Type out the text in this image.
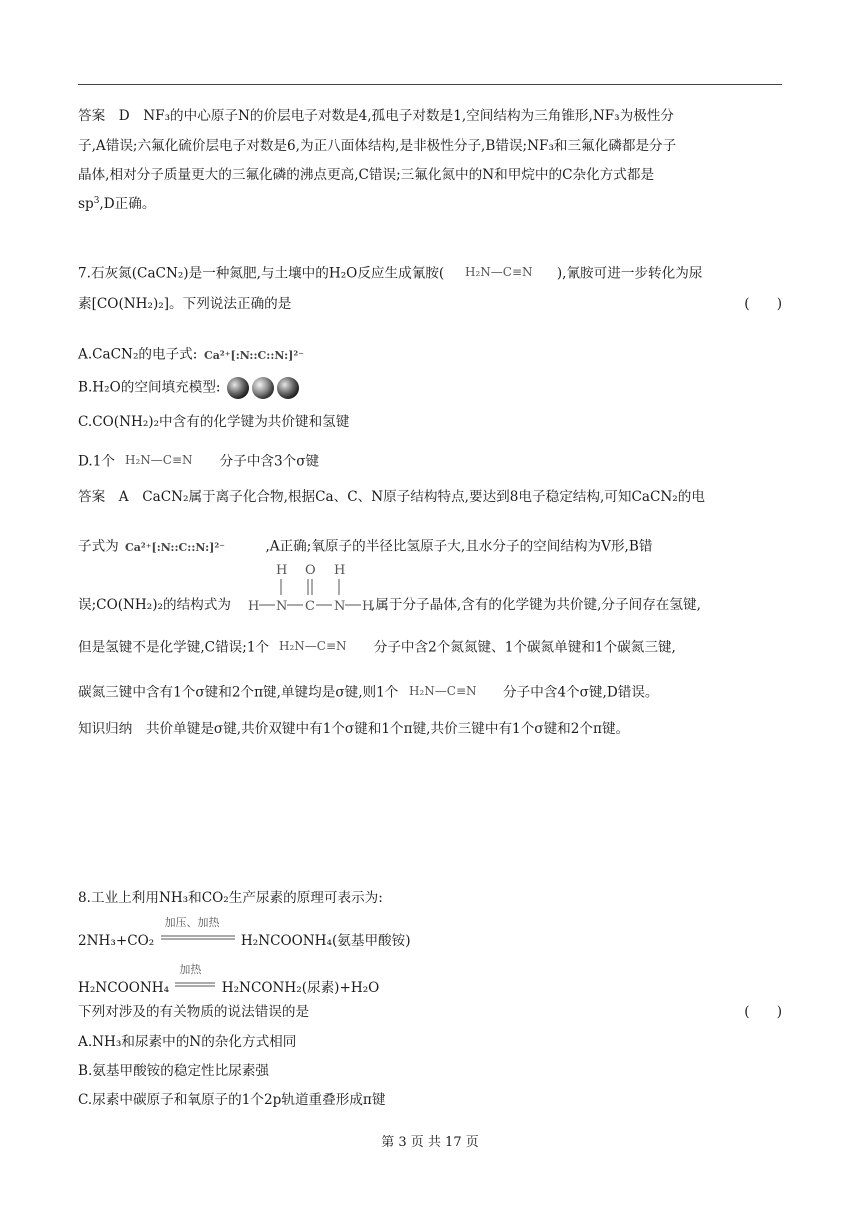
答案　D　NF₃的中心原子N的价层电子对数是4,孤电子对数是1,空间结构为三角锥形,NF₃为极性分
子,A错误;六氟化硫价层电子对数是6,为正八面体结构,是非极性分子,B错误;NF₃和三氟化磷都是分子
晶体,相对分子质量更大的三氟化磷的沸点更高,C错误;三氟化氮中的N和甲烷中的C杂化方式都是
$sp^3,D$正确。
7.石灰氮(CaCN₂)是一种氮肥,与土壤中的H₂O反应生成氰胺( H₂N—C≡N ),氰胺可进一步转化为尿
素[CO(NH₂)₂]。下列说法正确的是	(　　)
A.CaCN₂的电子式: Ca²⁺[:N::C::N:]²⁻
B.H₂O的空间填充模型:
C.CO(NH₂)₂中含有的化学键为共价键和氢键
D.1个 H₂N—C≡N 分子中含3个σ键
答案　A　CaCN₂属于离子化合物,根据Ca、C、N原子结构特点,要达到8电子稳定结构,可知CaCN₂的电
子式为 Ca²⁺[:N::C::N:]²⁻	,A正确;氧原子的半径比氢原子大,且水分子的空间结构为V形,B错
H O H
H N C N H
误;CO(NH₂)₂的结构式为	,属于分子晶体,含有的化学键为共价键,分子间存在氢键,
但是氢键不是化学键,C错误;1个 H₂N—C≡N 分子中含2个氮氮键、1个碳氮单键和1个碳氮三键,
碳氮三键中含有1个σ键和2个π键,单键均是σ键,则1个 H₂N—C≡N 分子中含4个σ键,D错误。
知识归纳　共价单键是σ键,共价双键中有1个σ键和1个π键,共价三键中有1个σ键和2个π键。
8.工业上利用NH₃和CO₂生产尿素的原理可表示为:
2NH₃+CO₂
加压、加热
H₂NCOONH₄(氨基甲酸铵)
H₂NCOONH₄
加热
H₂NCONH₂(尿素)+H₂O
下列对涉及的有关物质的说法错误的是	(　　)
A.NH₃和尿素中的N的杂化方式相同
B.氨基甲酸铵的稳定性比尿素强
C.尿素中碳原子和氧原子的1个2p轨道重叠形成π键
第 3 页 共 17 页
